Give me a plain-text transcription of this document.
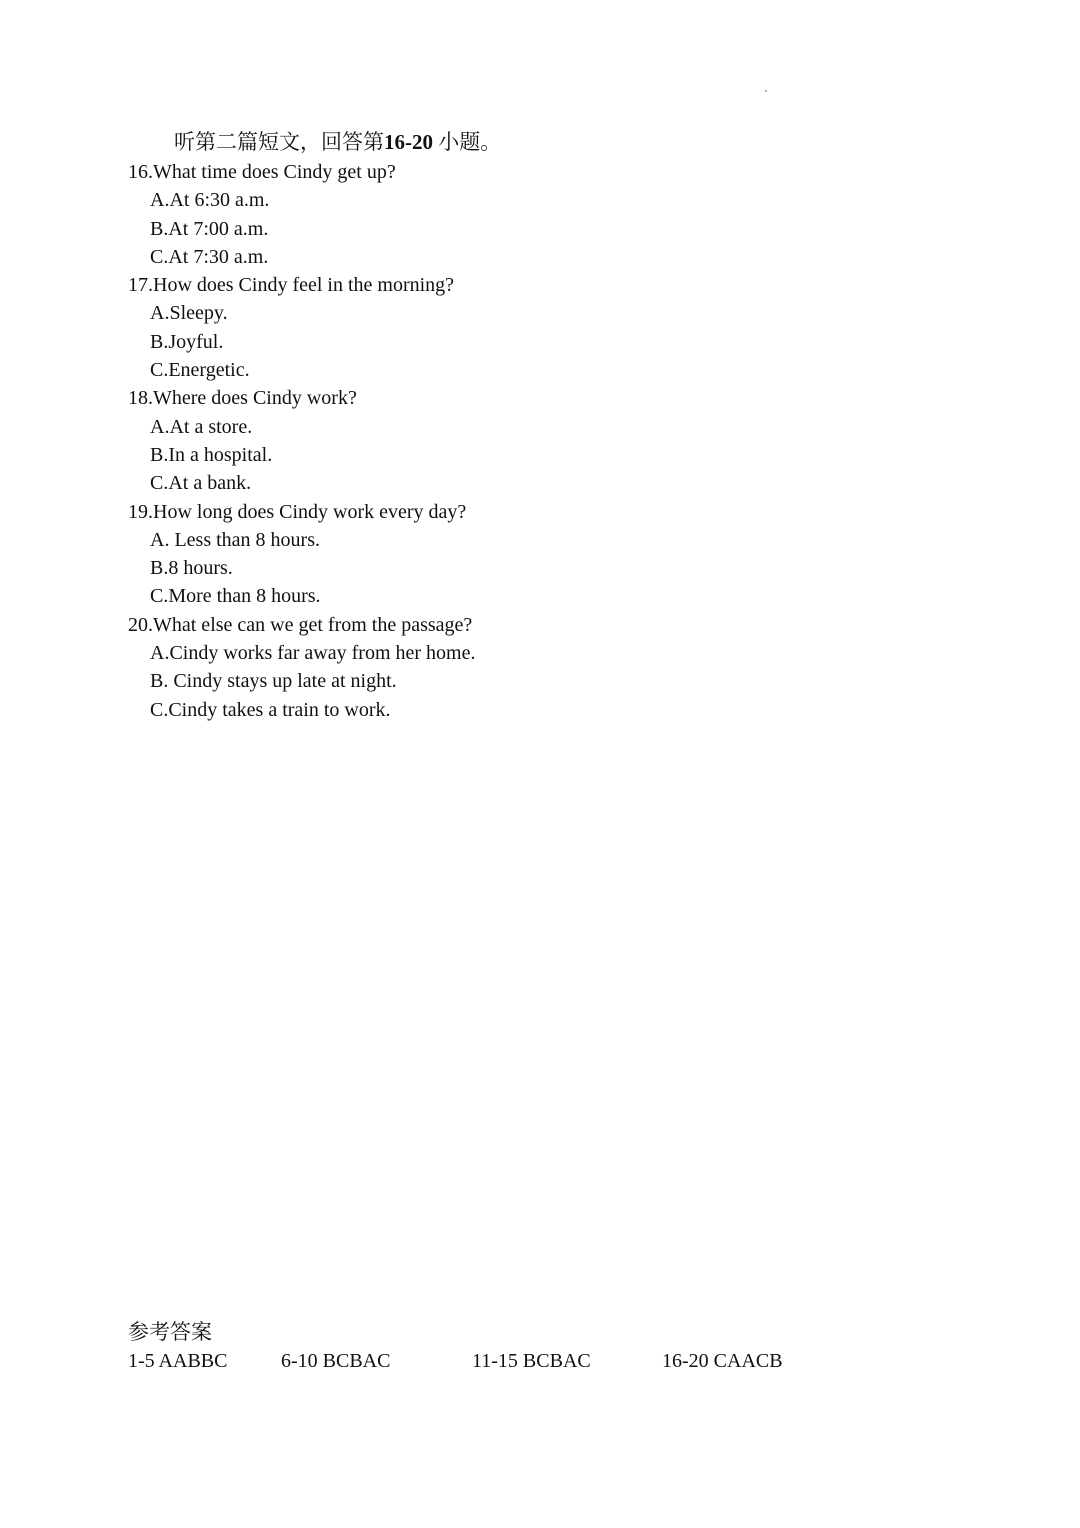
听第二篇短文，回答第16-20 小题。
16.What time does Cindy get up?
A.At 6:30 a.m.
B.At 7:00 a.m.
C.At 7:30 a.m.
17.How does Cindy feel in the morning?
A.Sleepy.
B.Joyful.
C.Energetic.
18.Where does Cindy work?
A.At a store.
B.In a hospital.
C.At a bank.
19.How long does Cindy work every day?
A. Less than 8 hours.
B.8 hours.
C.More than 8 hours.
20.What else can we get from the passage?
A.Cindy works far away from her home.
B. Cindy stays up late at night.
C.Cindy takes a train to work.
参考答案
1-5 AABBC	6-10 BCBAC	11-15 BCBAC	16-20 CAACB
